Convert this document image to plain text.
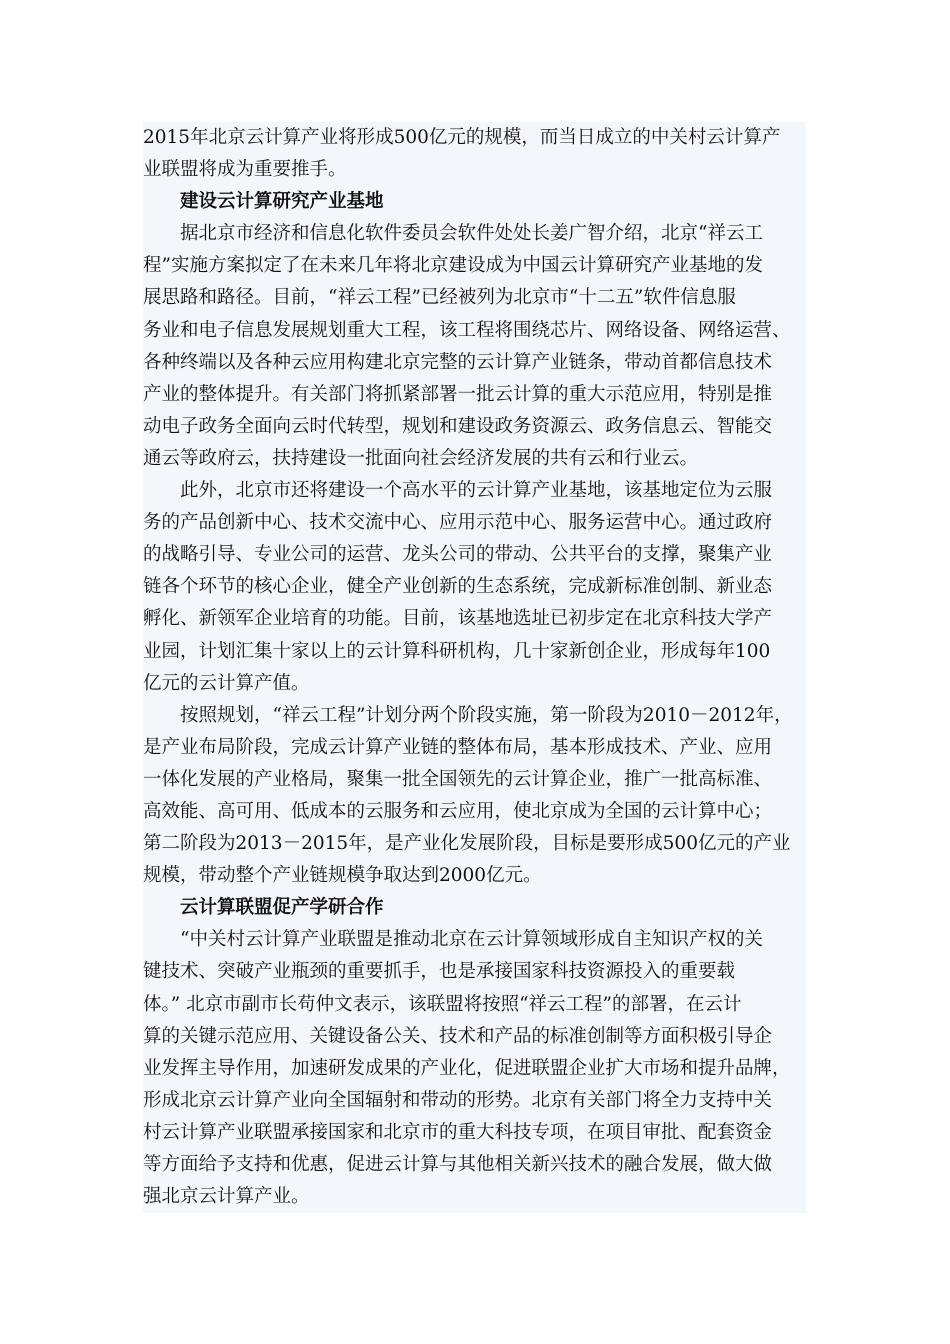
2015年北京云计算产业将形成500亿元的规模，而当日成立的中关村云计算产
业联盟将成为重要推手。
建设云计算研究产业基地
据北京市经济和信息化软件委员会软件处处长姜广智介绍，北京“祥云工
程”实施方案拟定了在未来几年将北京建设成为中国云计算研究产业基地的发
展思路和路径。目前，“祥云工程”已经被列为北京市“十二五”软件信息服
务业和电子信息发展规划重大工程，该工程将围绕芯片、网络设备、网络运营、
各种终端以及各种云应用构建北京完整的云计算产业链条，带动首都信息技术
产业的整体提升。有关部门将抓紧部署一批云计算的重大示范应用，特别是推
动电子政务全面向云时代转型，规划和建设政务资源云、政务信息云、智能交
通云等政府云，扶持建设一批面向社会经济发展的共有云和行业云。
此外，北京市还将建设一个高水平的云计算产业基地，该基地定位为云服
务的产品创新中心、技术交流中心、应用示范中心、服务运营中心。通过政府
的战略引导、专业公司的运营、龙头公司的带动、公共平台的支撑，聚集产业
链各个环节的核心企业，健全产业创新的生态系统，完成新标准创制、新业态
孵化、新领军企业培育的功能。目前，该基地选址已初步定在北京科技大学产
业园，计划汇集十家以上的云计算科研机构，几十家新创企业，形成每年100
亿元的云计算产值。
按照规划，“祥云工程”计划分两个阶段实施，第一阶段为2010－2012年，
是产业布局阶段，完成云计算产业链的整体布局，基本形成技术、产业、应用
一体化发展的产业格局，聚集一批全国领先的云计算企业，推广一批高标准、
高效能、高可用、低成本的云服务和云应用，使北京成为全国的云计算中心；
第二阶段为2013－2015年，是产业化发展阶段，目标是要形成500亿元的产业
规模，带动整个产业链规模争取达到2000亿元。
云计算联盟促产学研合作
“中关村云计算产业联盟是推动北京在云计算领域形成自主知识产权的关
键技术、突破产业瓶颈的重要抓手，也是承接国家科技资源投入的重要载
体。” 北京市副市长苟仲文表示，该联盟将按照“祥云工程”的部署，在云计
算的关键示范应用、关键设备公关、技术和产品的标准创制等方面积极引导企
业发挥主导作用，加速研发成果的产业化，促进联盟企业扩大市场和提升品牌，
形成北京云计算产业向全国辐射和带动的形势。北京有关部门将全力支持中关
村云计算产业联盟承接国家和北京市的重大科技专项，在项目审批、配套资金
等方面给予支持和优惠，促进云计算与其他相关新兴技术的融合发展，做大做
强北京云计算产业。
